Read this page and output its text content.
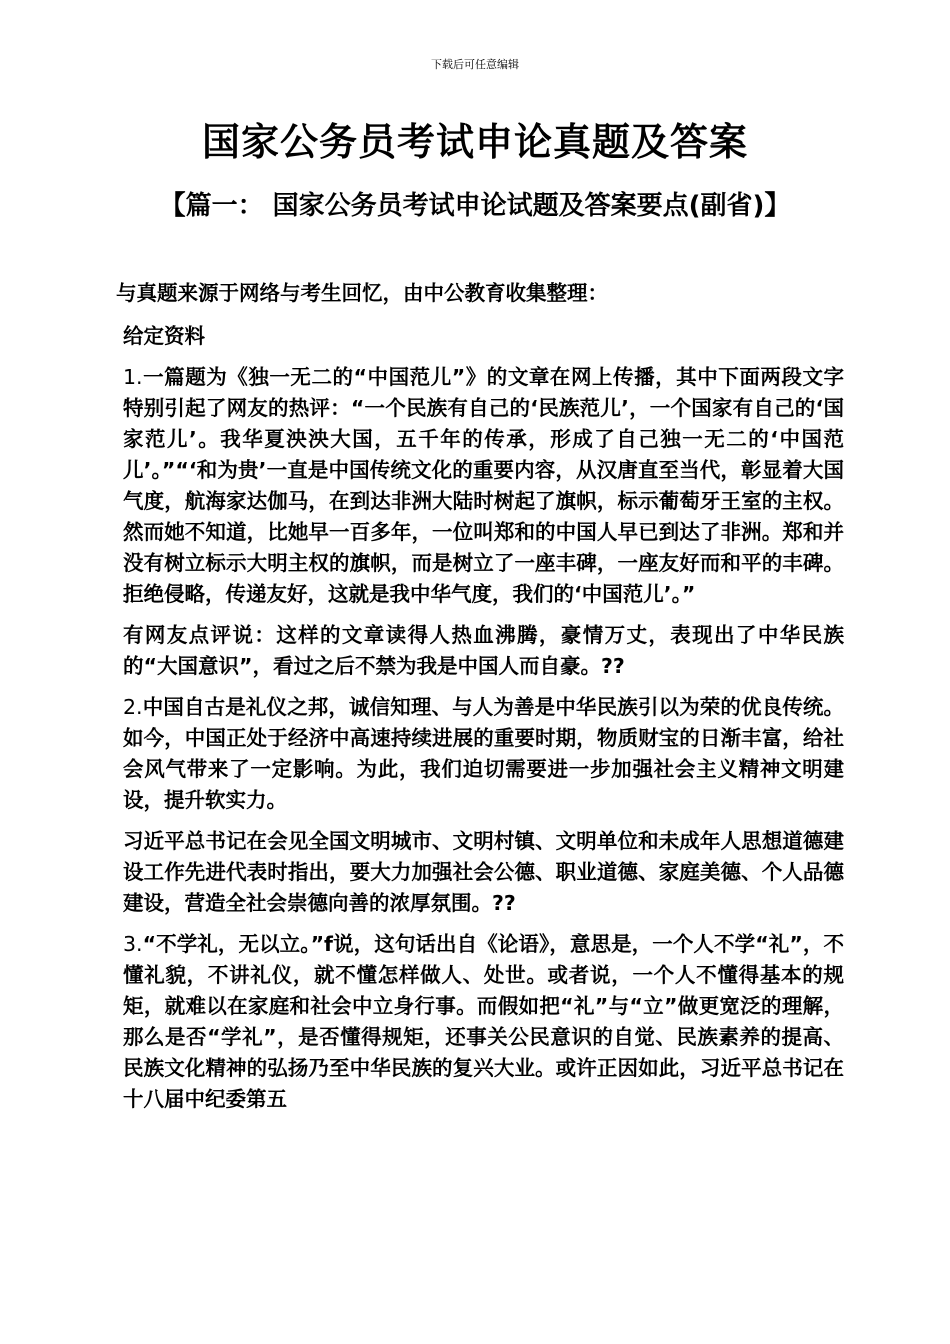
下载后可任意编辑
国家公务员考试申论真题及答案
【篇一： 国家公务员考试申论试题及答案要点(副省)】

与真题来源于网络与考生回忆，由中公教育收集整理：

给定资料

1.一篇题为《独一无二的“中国范儿”》的文章在网上传播，其中下面两段文字特别引起了网友的热评：“一个民族有自己的‘民族范儿’，一个国家有自己的‘国家范儿’。我华夏泱泱大国，五千年的传承，形成了自己独一无二的‘中国范儿’。”“‘和为贵’一直是中国传统文化的重要内容，从汉唐直至当代，彰显着大国气度，航海家达伽马，在到达非洲大陆时树起了旗帜，标示葡萄牙王室的主权。然而她不知道，比她早一百多年，一位叫郑和的中国人早已到达了非洲。郑和并没有树立标示大明主权的旗帜，而是树立了一座丰碑，一座友好而和平的丰碑。拒绝侵略，传递友好，这就是我中华气度，我们的‘中国范儿’。”

有网友点评说：这样的文章读得人热血沸腾，豪情万丈，表现出了中华民族的“大国意识”，看过之后不禁为我是中国人而自豪。??

2.中国自古是礼仪之邦，诚信知理、与人为善是中华民族引以为荣的优良传统。如今，中国正处于经济中高速持续进展的重要时期，物质财宝的日渐丰富，给社会风气带来了一定影响。为此，我们迫切需要进一步加强社会主义精神文明建设，提升软实力。

习近平总书记在会见全国文明城市、文明村镇、文明单位和未成年人思想道德建设工作先进代表时指出，要大力加强社会公德、职业道德、家庭美德、个人品德建设，营造全社会崇德向善的浓厚氛围。??

3.“不学礼，无以立。”f说，这句话出自《论语》，意思是，一个人不学“礼”，不懂礼貌，不讲礼仪，就不懂怎样做人、处世。或者说，一个人不懂得基本的规矩，就难以在家庭和社会中立身行事。而假如把“礼”与“立”做更宽泛的理解，那么是否“学礼”，是否懂得规矩，还事关公民意识的自觉、民族素养的提高、民族文化精神的弘扬乃至中华民族的复兴大业。或许正因如此，习近平总书记在十八届中纪委第五
